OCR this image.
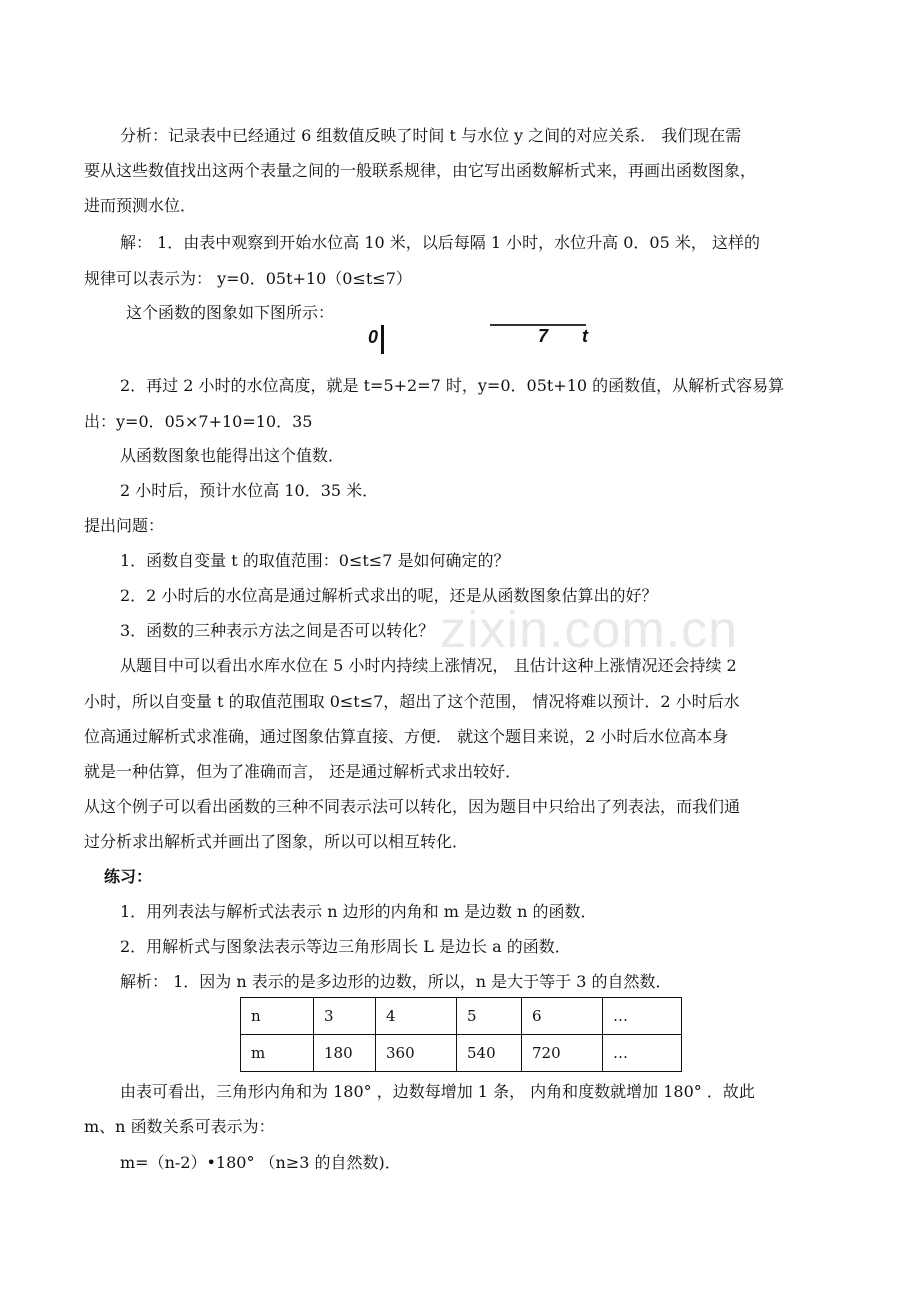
zixin.com.cn
分析：记录表中已经通过 6 组数值反映了时间 t 与水位 y 之间的对应关系． 我们现在需
要从这些数值找出这两个表量之间的一般联系规律，由它写出函数解析式来，再画出函数图象，
进而预测水位．
解： 1．由表中观察到开始水位高 10 米，以后每隔 1 小时，水位升高 0．05 米， 这样的
规律可以表示为： y=0．05t+10（0≤t≤7）
这个函数的图象如下图所示：
0	7 t
2．再过 2 小时的水位高度，就是 t=5+2=7 时，y=0．05t+10 的函数值，从解析式容易算
出：y=0．05×7+10=10．35
从函数图象也能得出这个值数．
2 小时后，预计水位高 10．35 米．
提出问题：
1．函数自变量 t 的取值范围：0≤t≤7 是如何确定的？
2．2 小时后的水位高是通过解析式求出的呢，还是从函数图象估算出的好？
3．函数的三种表示方法之间是否可以转化？
从题目中可以看出水库水位在 5 小时内持续上涨情况， 且估计这种上涨情况还会持续 2
小时，所以自变量 t 的取值范围取 0≤t≤7，超出了这个范围， 情况将难以预计．2 小时后水
位高通过解析式求准确，通过图象估算直接、方便． 就这个题目来说，2 小时后水位高本身
就是一种估算，但为了准确而言， 还是通过解析式求出较好．
从这个例子可以看出函数的三种不同表示法可以转化，因为题目中只给出了列表法，而我们通
过分析求出解析式并画出了图象，所以可以相互转化．
练习：
1．用列表法与解析式法表示 n 边形的内角和 m 是边数 n 的函数．
2．用解析式与图象法表示等边三角形周长 L 是边长 a 的函数．
解析： 1．因为 n 表示的是多边形的边数，所以，n 是大于等于 3 的自然数．
n	3	4	5	6	…
m	180	360	540	720	…
由表可看出，三角形内角和为 180° ，边数每增加 1 条， 内角和度数就增加 180° ．故此
m、n 函数关系可表示为：
m=（n-2）•180° （n≥3 的自然数)．
